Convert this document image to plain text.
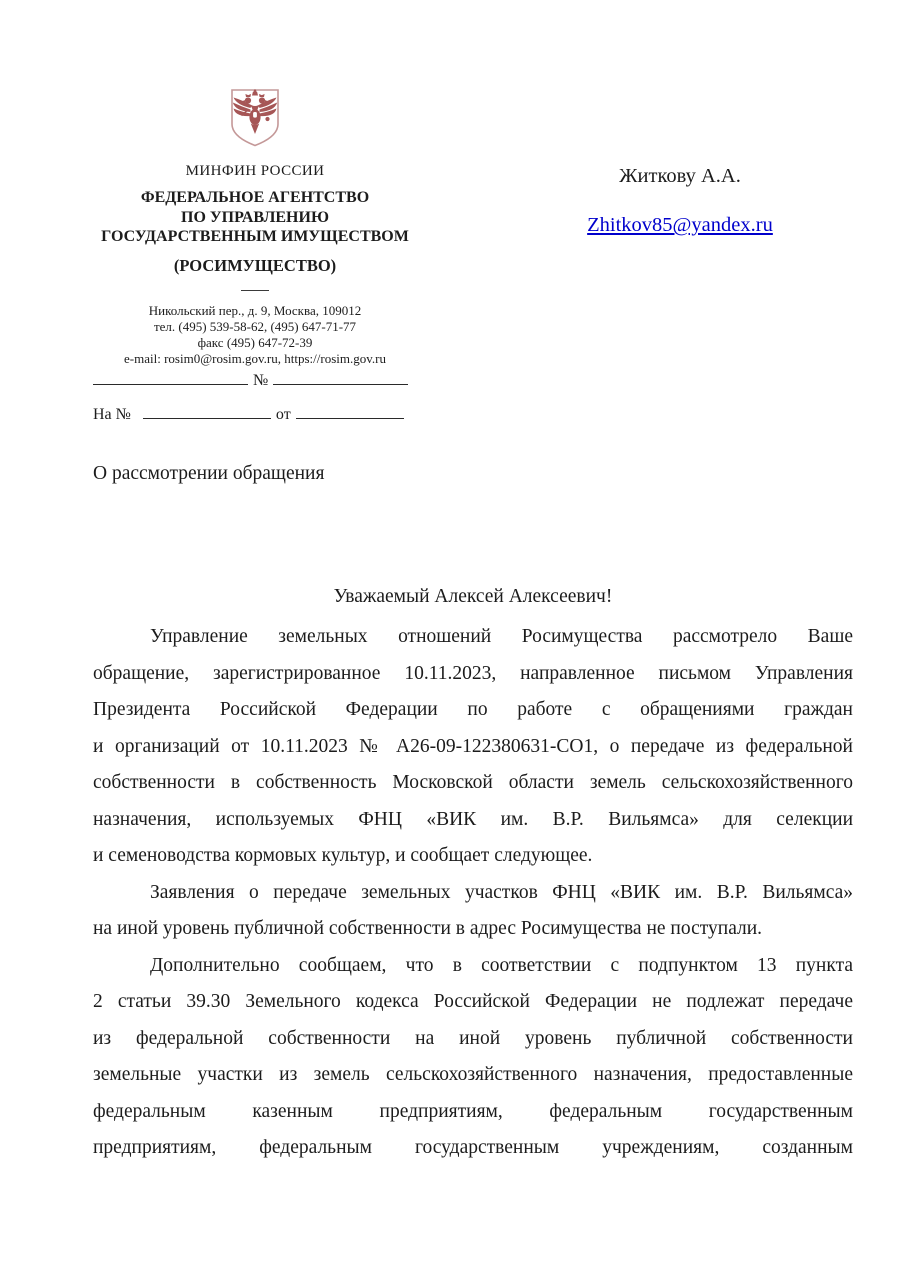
МИНФИН РОССИИ
ФЕДЕРАЛЬНОЕ АГЕНТСТВО
ПО УПРАВЛЕНИЮ
ГОСУДАРСТВЕННЫМ ИМУЩЕСТВОМ
(РОСИМУЩЕСТВО)
Никольский пер., д. 9, Москва, 109012
тел. (495) 539-58-62, (495) 647-71-77
факс (495) 647-72-39
e-mail: rosim0@rosim.gov.ru, https://rosim.gov.ru
Житкову А.А.
Zhitkov85@yandex.ru
№
На №	от
О рассмотрении обращения
Уважаемый Алексей Алексеевич!
Управление земельных отношений Росимущества рассмотрело Ваше
обращение, зарегистрированное 10.11.2023, направленное письмом Управления
Президента Российской Федерации по работе с обращениями граждан
и организаций от 10.11.2023 № А26-09-122380631-СО1, о передаче из федеральной
собственности в собственность Московской области земель сельскохозяйственного
назначения, используемых ФНЦ «ВИК им. В.Р. Вильямса» для селекции
и семеноводства кормовых культур, и сообщает следующее.
Заявления о передаче земельных участков ФНЦ «ВИК им. В.Р. Вильямса»
на иной уровень публичной собственности в адрес Росимущества не поступали.
Дополнительно сообщаем, что в соответствии с подпунктом 13 пункта
2 статьи 39.30 Земельного кодекса Российской Федерации не подлежат передаче
из федеральной собственности на иной уровень публичной собственности
земельные участки из земель сельскохозяйственного назначения, предоставленные
федеральным казенным предприятиям, федеральным государственным
предприятиям, федеральным государственным учреждениям, созданным
